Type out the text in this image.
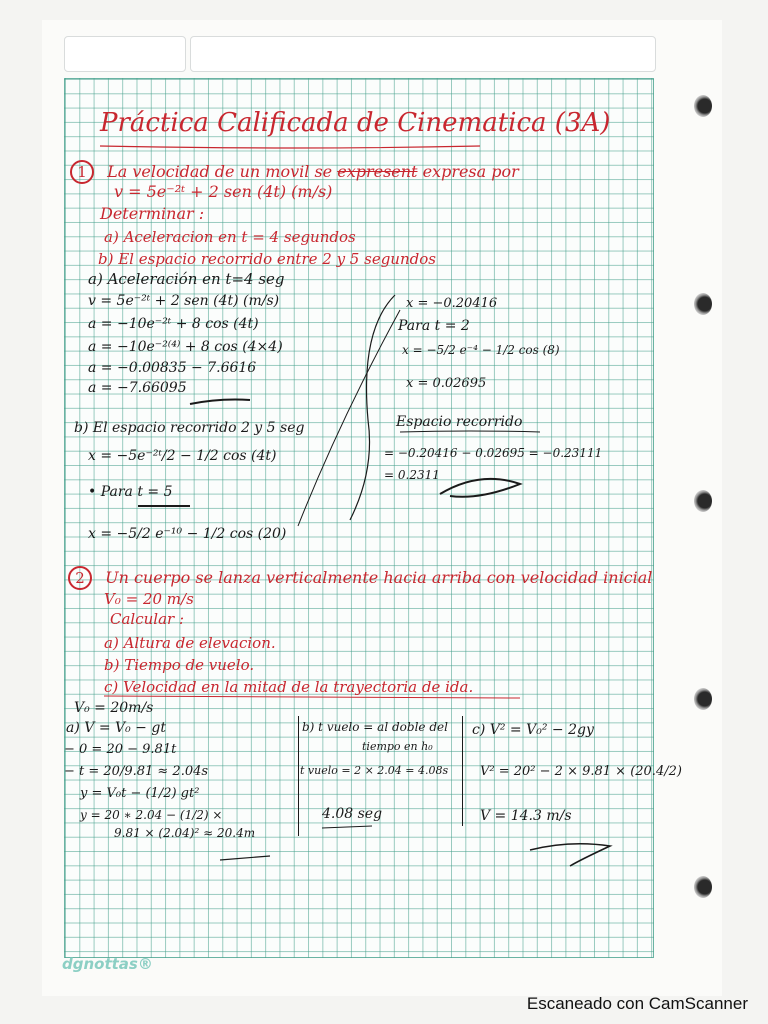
Práctica Calificada de Cinematica (3A)
1 La velocidad de un movil se expresent expresa por
v = 5e⁻²ᵗ + 2 sen (4t) (m/s)
Determinar :
a) Aceleracion en t = 4 segundos
b) El espacio recorrido entre 2 y 5 segundos
a) Aceleración en t=4 seg
v = 5e⁻²ᵗ + 2 sen (4t) (m/s)
a = −10e⁻²ᵗ + 8 cos (4t)
a = −10e⁻²⁽⁴⁾ + 8 cos (4×4)
a = −0.00835 − 7.6616
a = −7.66095
b) El espacio recorrido 2 y 5 seg
x = −5e⁻²ᵗ/2 − 1/2 cos (4t)
• Para t = 5
x = −5/2 e⁻¹⁰ − 1/2 cos (20)
x = −0.20416
Para t = 2
x = −5/2 e⁻⁴ − 1/2 cos (8)
x = 0.02695
Espacio recorrido
= −0.20416 − 0.02695 = −0.23111
= 0.2311
2 Un cuerpo se lanza verticalmente hacia arriba con velocidad inicial
V₀ = 20 m/s
Calcular :
a) Altura de elevacion.
b) Tiempo de vuelo.
c) Velocidad en la mitad de la trayectoria de ida.
V₀ = 20m/s
a) V = V₀ − gt
− 0 = 20 − 9.81t
− t = 20/9.81 ≈ 2.04s
y = V₀t − (1/2) gt²
y = 20 ∗ 2.04 − (1/2) ×
9.81 × (2.04)² ≈ 20.4m
b) t vuelo = al doble del
tiempo en h₀
t vuelo = 2 × 2.04 = 4.08s
4.08 seg
c) V² = V₀² − 2gy
V² = 20² − 2 × 9.81 × (20.4/2)
V = 14.3 m/s
dgnottas®
Escaneado con CamScanner
